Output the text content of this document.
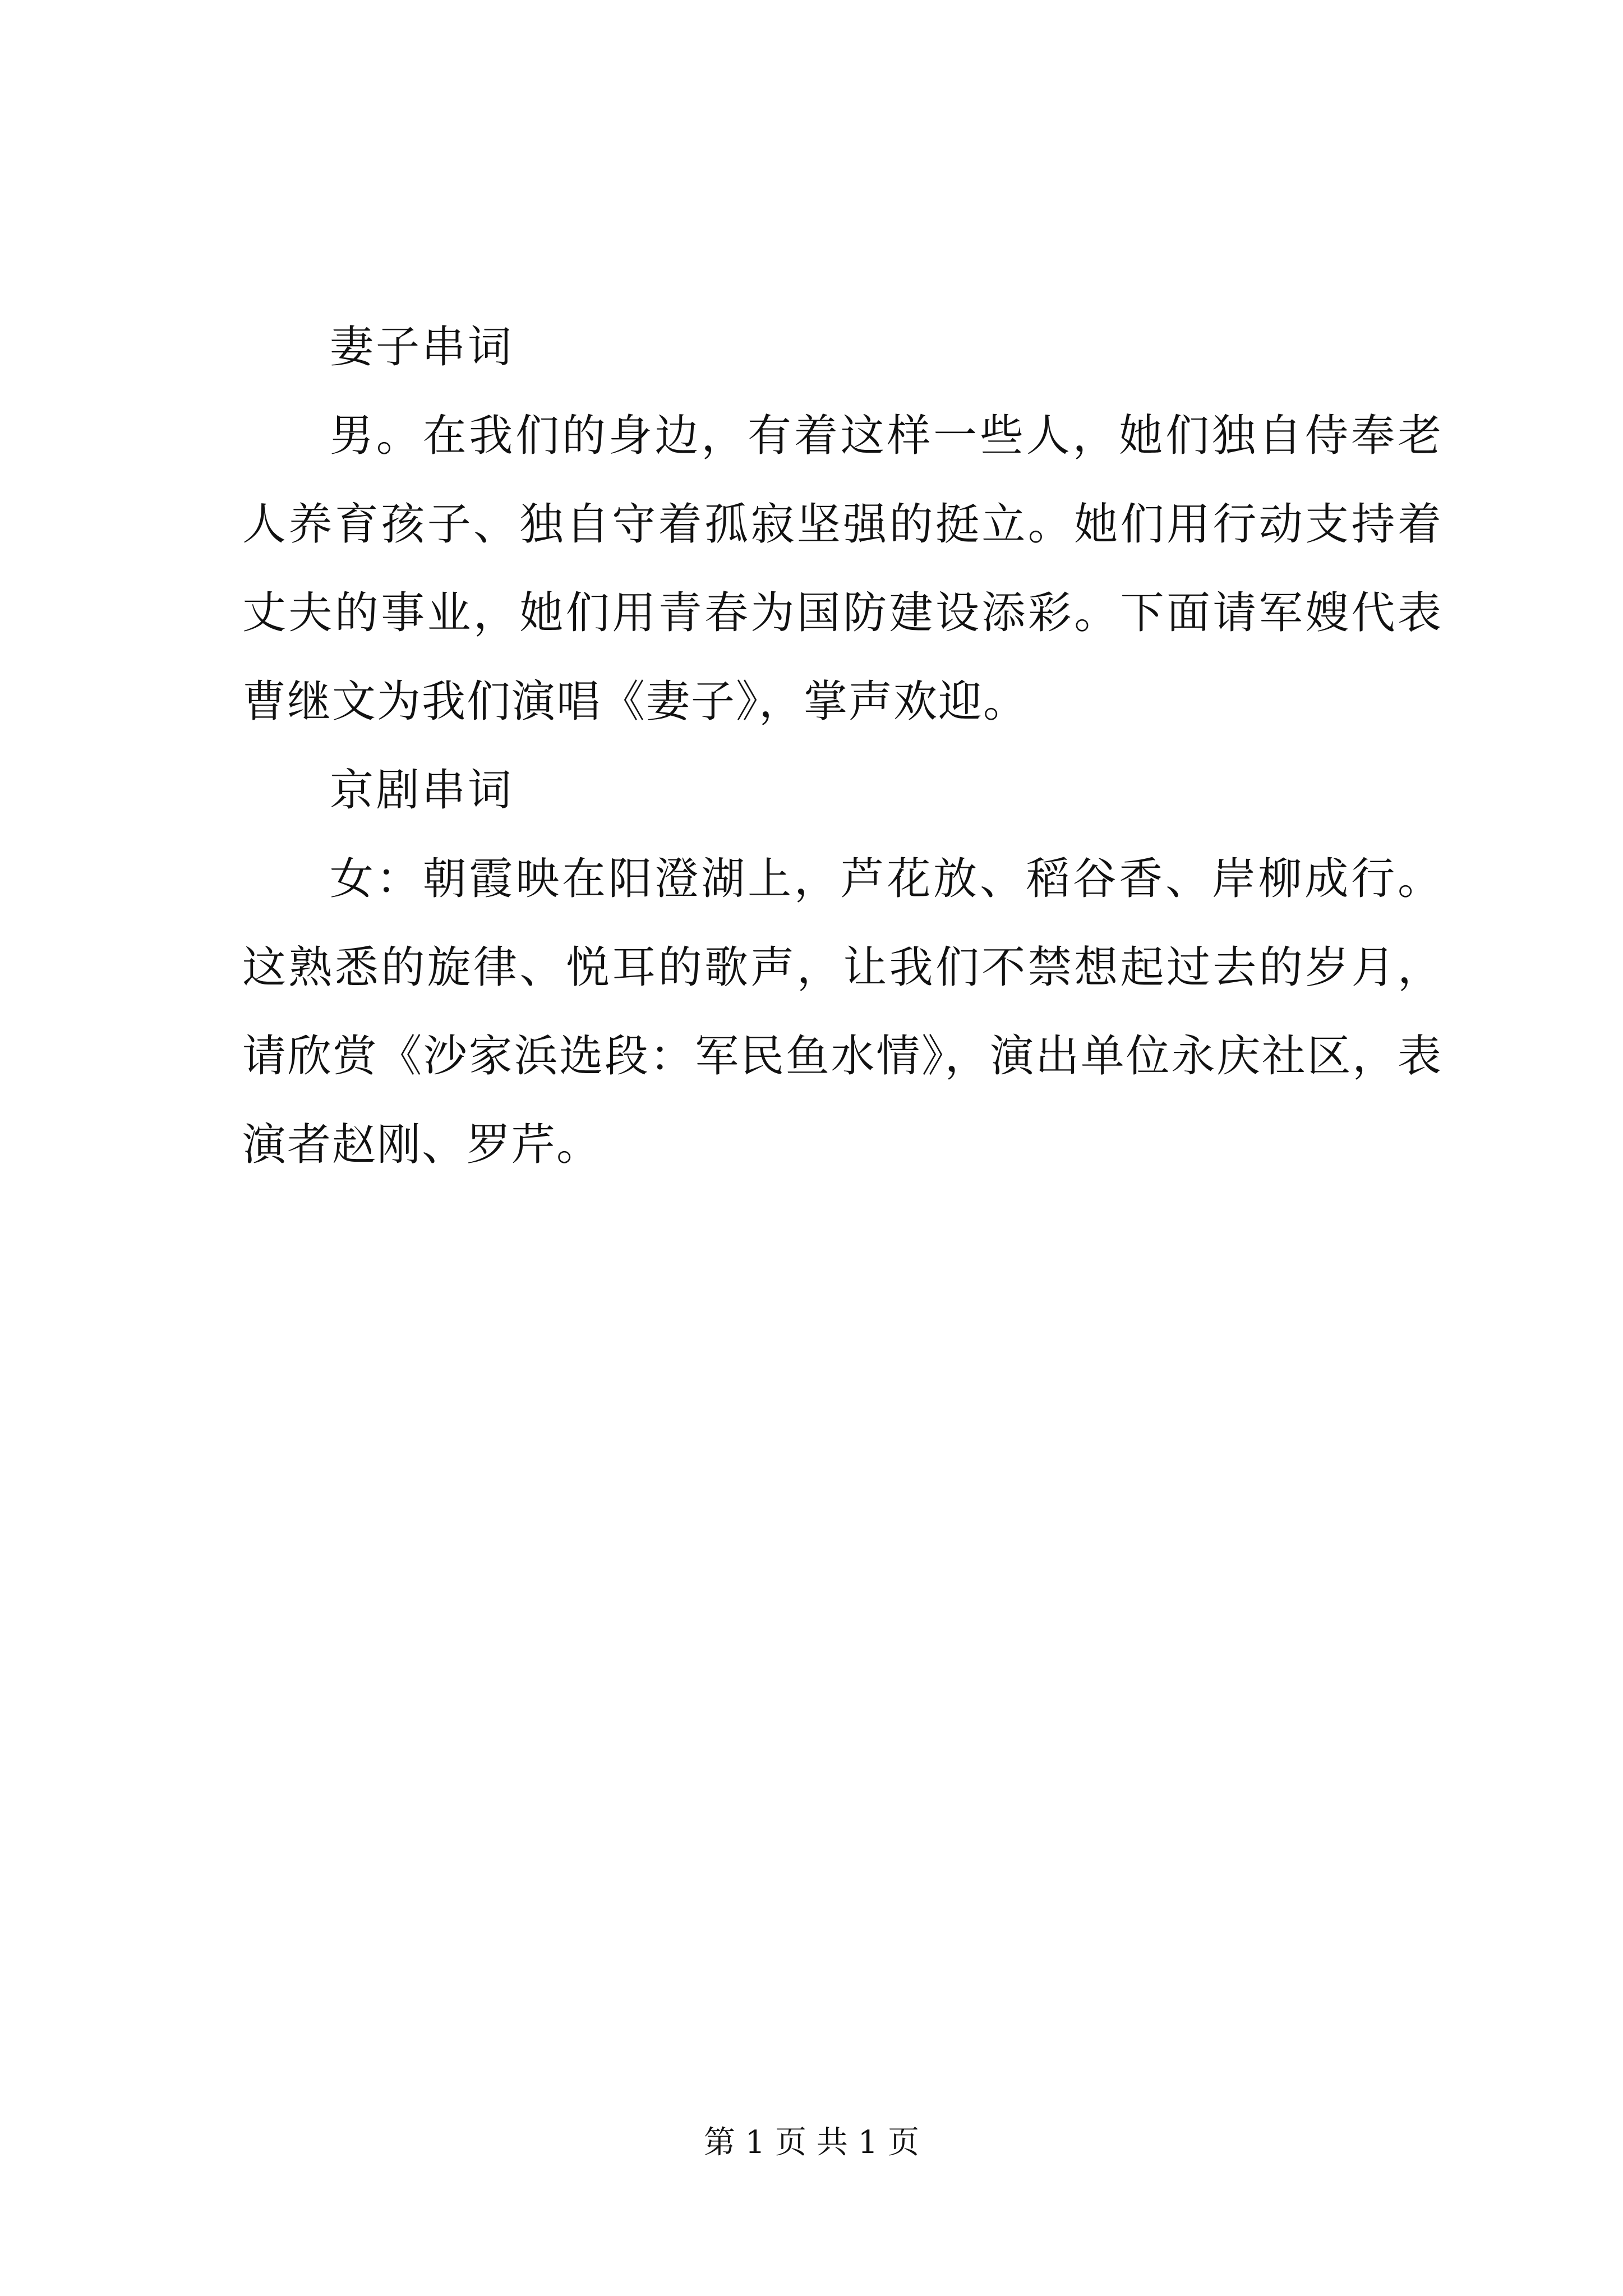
妻子串词

男。在我们的身边，有着这样一些人，她们独自侍奉老人养育孩子、独自守着孤寂坚强的挺立。她们用行动支持着丈夫的事业，她们用青春为国防建设添彩。下面请军嫂代表曹继文为我们演唱《妻子》，掌声欢迎。

京剧串词

女：朝霞映在阳澄湖上，芦花放、稻谷香、岸柳成行。这熟悉的旋律、悦耳的歌声，让我们不禁想起过去的岁月，请欣赏《沙家浜选段：军民鱼水情》，演出单位永庆社区，表演者赵刚、罗芹。

第 1 页 共 1 页
